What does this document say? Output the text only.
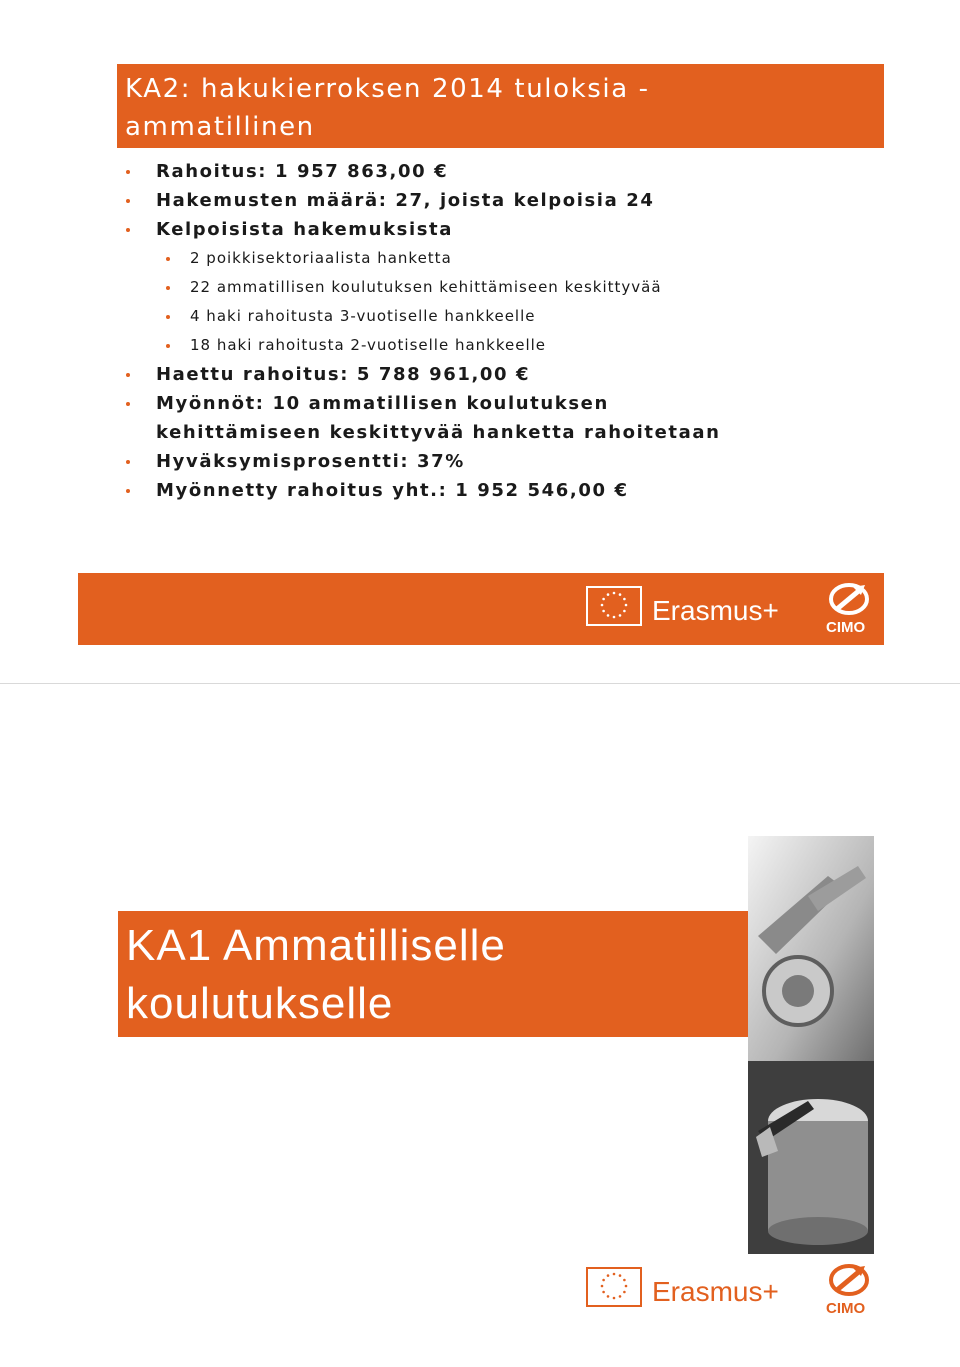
KA2: hakukierroksen 2014 tuloksia -
ammatillinen
Rahoitus: 1 957 863,00 €
Hakemusten määrä: 27, joista kelpoisia 24
Kelpoisista hakemuksista
2 poikkisektoriaalista hanketta
22 ammatillisen koulutuksen kehittämiseen keskittyvää
4 haki rahoitusta 3-vuotiselle hankkeelle
18 haki rahoitusta 2-vuotiselle hankkeelle
Haettu rahoitus: 5 788 961,00 €
Myönnöt: 10 ammatillisen koulutuksen
kehittämiseen keskittyvää hanketta rahoitetaan
Hyväksymisprosentti: 37%
Myönnetty rahoitus yht.: 1 952 546,00 €
Erasmus+
CIMO
KA1 Ammatilliselle
koulutukselle
Erasmus+
CIMO
